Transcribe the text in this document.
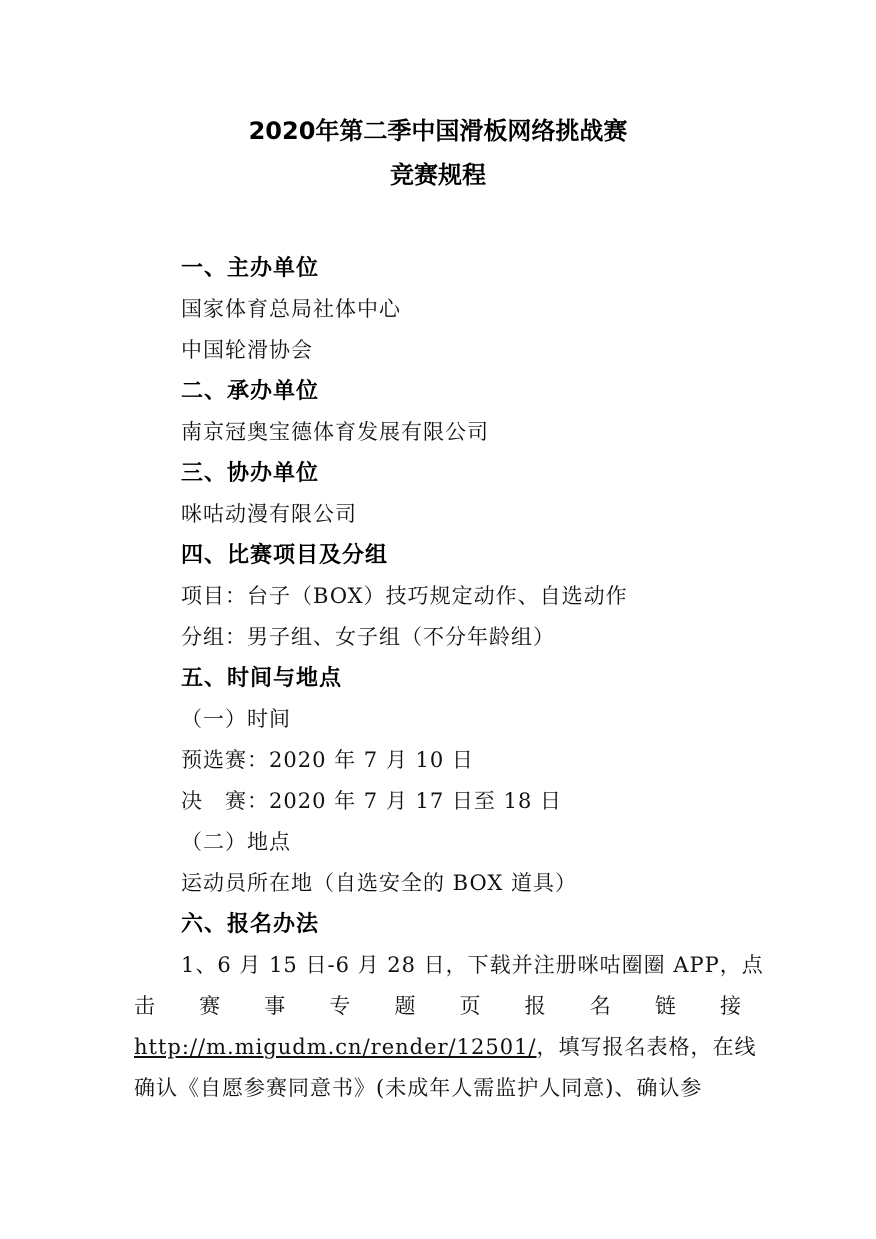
2020年第二季中国滑板网络挑战赛
竞赛规程
一、主办单位
国家体育总局社体中心
中国轮滑协会
二、承办单位
南京冠奥宝德体育发展有限公司
三、协办单位
咪咕动漫有限公司
四、比赛项目及分组
项目：台子（BOX）技巧规定动作、自选动作
分组：男子组、女子组（不分年龄组）
五、时间与地点
（一）时间
预选赛：2020 年 7 月 10 日
决　赛：2020 年 7 月 17 日至 18 日
（二）地点
运动员所在地（自选安全的 BOX 道具）
六、报名办法
1、6 月 15 日-6 月 28 日，下载并注册咪咕圈圈 APP，点
击 赛 事 专 题 页 报 名 链 接
http://m.migudm.cn/render/12501/，填写报名表格，在线
确认《自愿参赛同意书》(未成年人需监护人同意)、确认参
